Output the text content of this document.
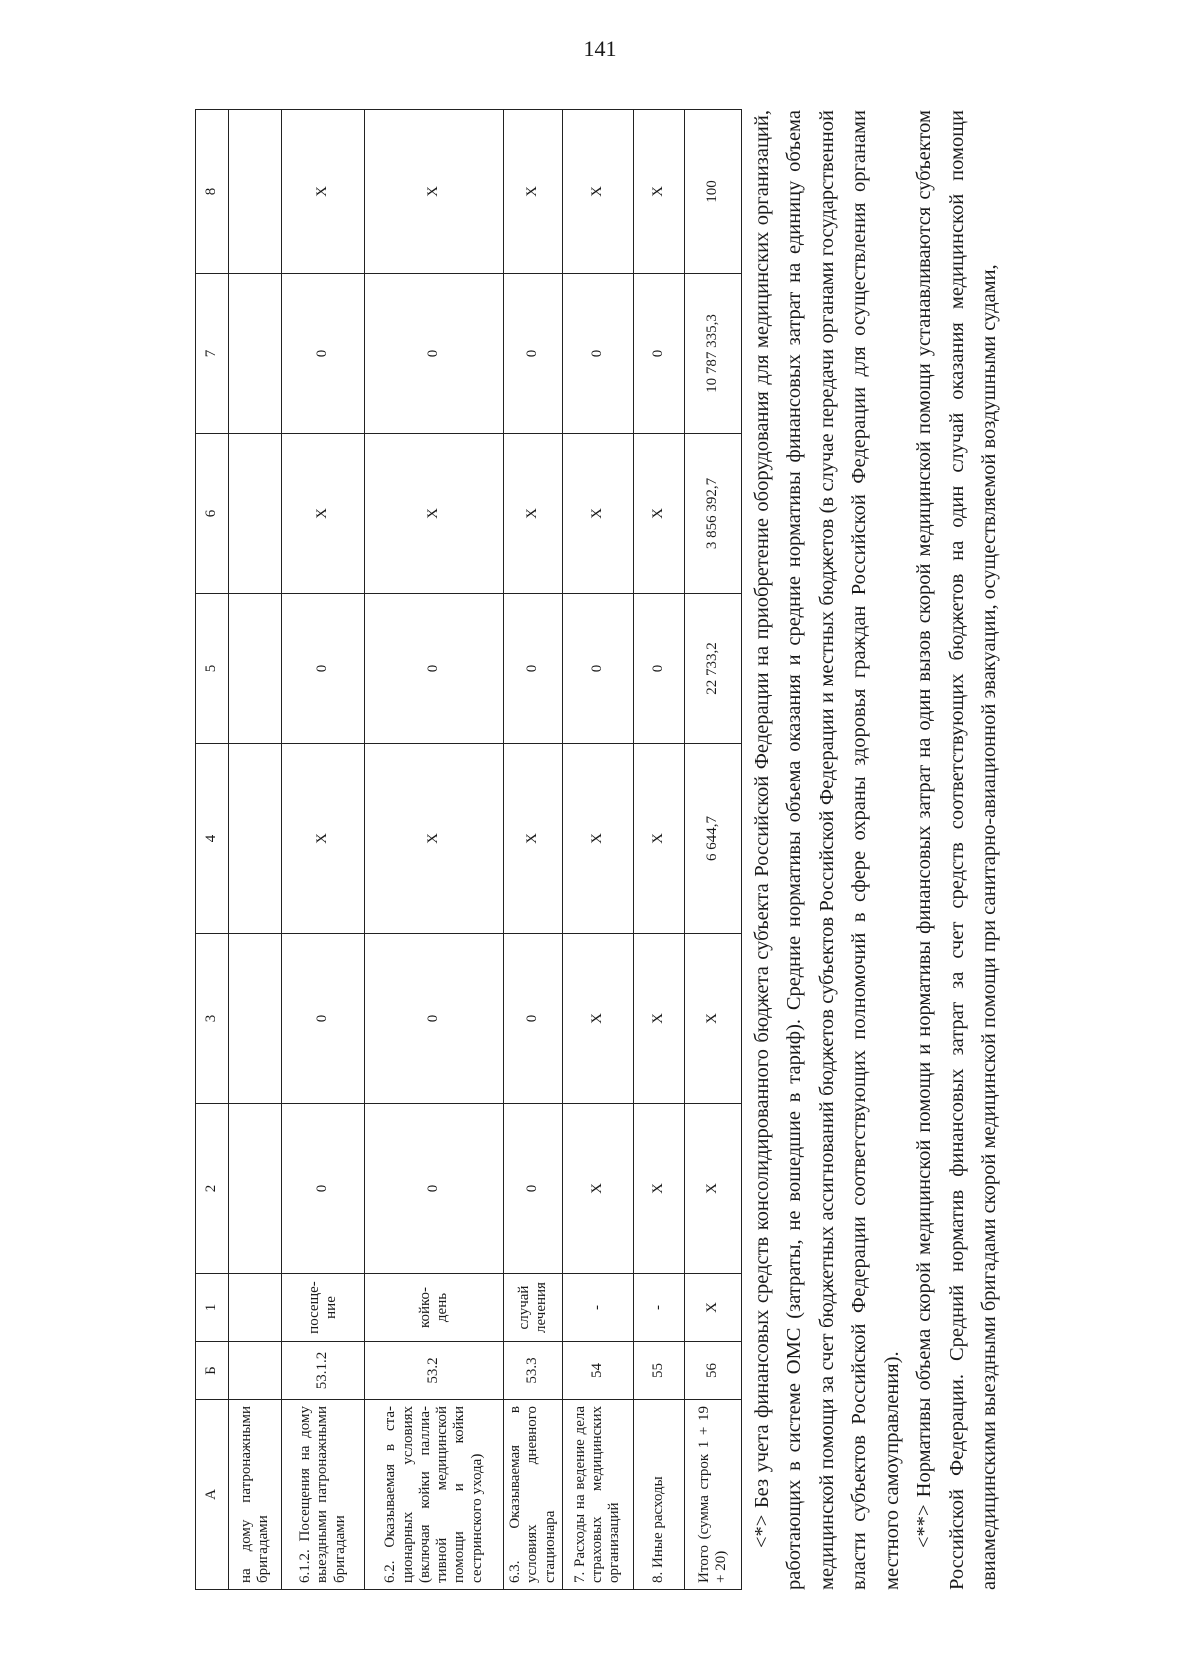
141
А	Б	1	2	3	4	5	6	7	8
на дому патронажными бригадами									
6.1.2. Посещения на дому выездными патронажными бригадами	53.1.2	посеще-ние	0	0	X	0	X	0	X
6.2. Оказываемая в ста-ционарных условиях (включая койки паллиа-тивной медицинской помощи и койки сестринского ухода)	53.2	койко-день	0	0	X	0	X	0	X
6.3. Оказываемая в условиях дневного стационара	53.3	случай лечения	0	0	X	0	X	0	X
7. Расходы на ведение дела страховых медицинских организаций	54	-	X	X	X	0	X	0	X
8. Иные расходы	55	-	X	X	X	0	X	0	X
Итого (сумма строк 1 + 19 + 20)	56	X	X	X	6 644,7	22 733,2	3 856 392,7	10 787 335,3	100 <*> Без учета финансовых средств консолидированного бюджета субъекта Российской Федерации на приобретение оборудования для медицинских организаций, работающих в системе ОМС (затраты, не вошедшие в тариф). Средние нормативы объема оказания и средние нормативы финансовых затрат на единицу объема медицинской помощи за счет бюджетных ассигнований бюджетов субъектов Российской Федерации и местных бюджетов (в случае передачи органами государственной власти субъектов Российской Федерации соответствующих полномочий в сфере охраны здоровья граждан Российской Федерации для осуществления органами местного самоуправления). <**> Нормативы объема скорой медицинской помощи и нормативы финансовых затрат на один вызов скорой медицинской помощи устанавливаются субъектом Российской Федерации. Средний норматив финансовых затрат за счет средств соответствующих бюджетов на один случай оказания медицинской помощи авиамедицинскими выездными бригадами скорой медицинской помощи при санитарно-авиационной эвакуации, осуществляемой воздушными судами,
